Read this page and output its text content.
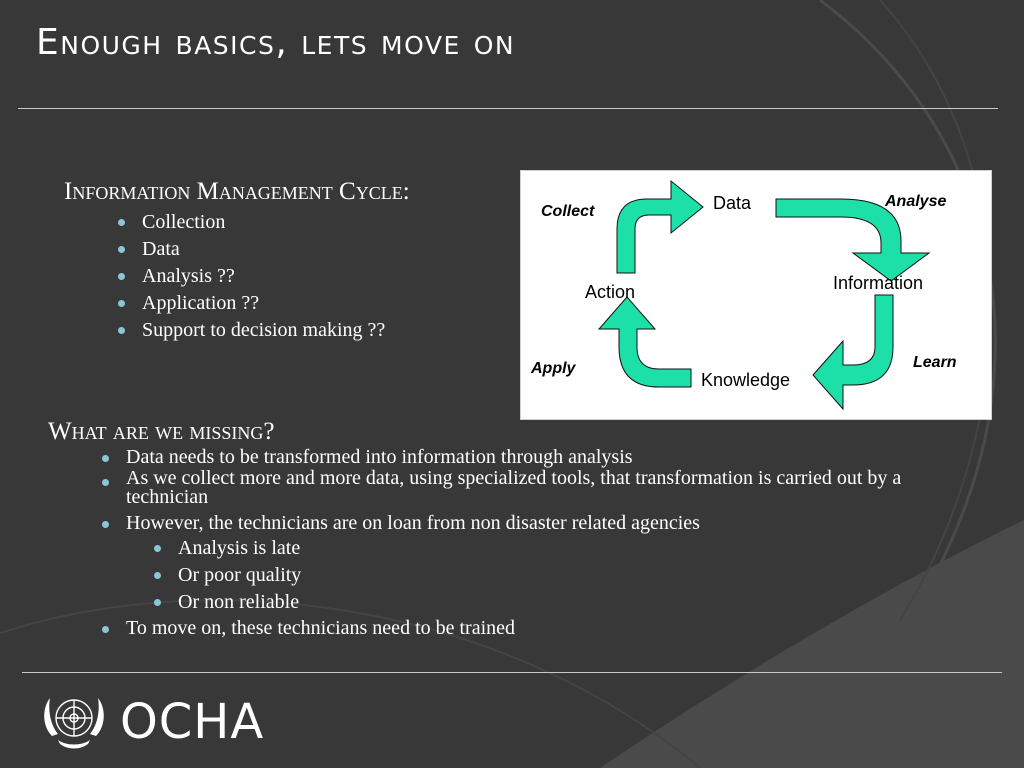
Enough basics, lets move on
Information Management Cycle:
Collection
Data
Analysis ??
Application ??
Support to decision making ??
Data
Information
Knowledge
Action
Collect
Analyse
Learn
Apply
What are we missing?
Data needs to be transformed into information through analysis
As we collect more and more data, using specialized tools, that transformation is carried out by a technician
However, the technicians are on loan from non disaster related agencies
Analysis is late
Or poor quality
Or non reliable
To move on, these technicians need to be trained
OCHA
